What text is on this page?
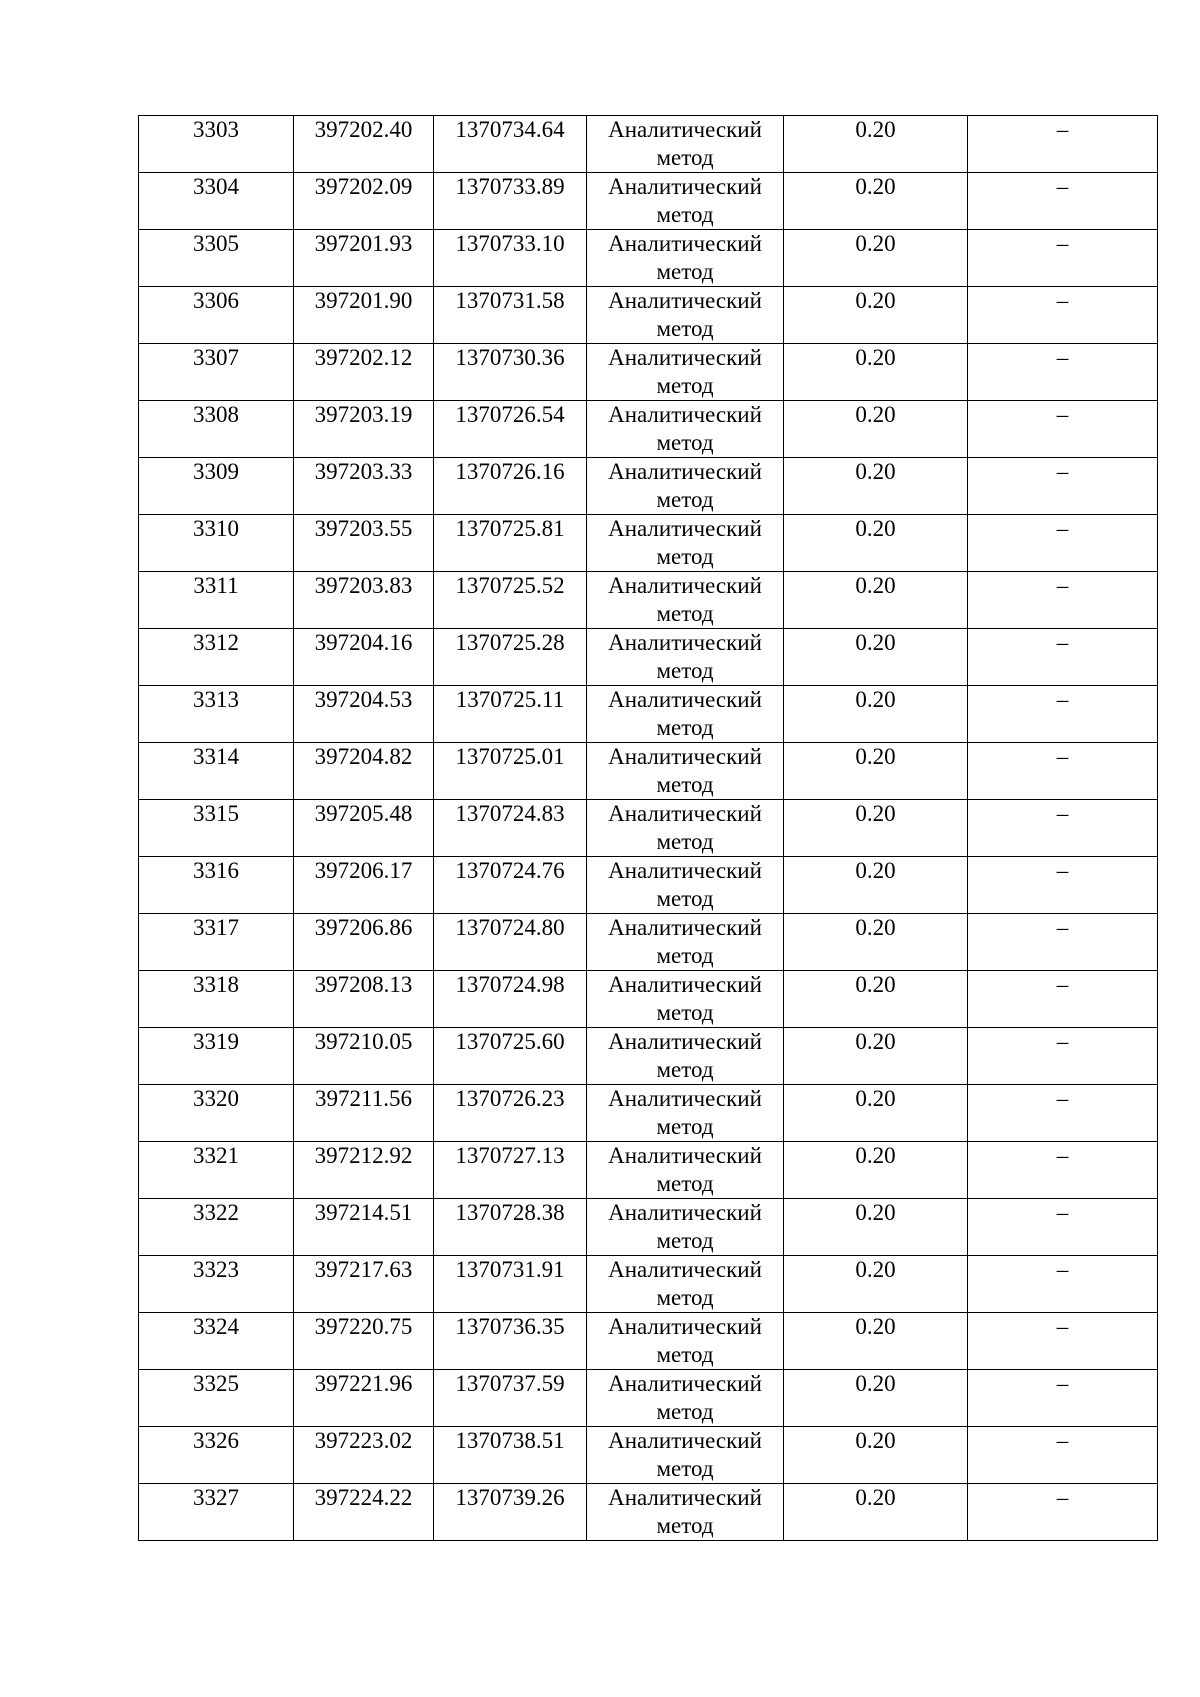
3303	397202.40	1370734.64	Аналитический метод	0.20	–

3304	397202.09	1370733.89	Аналитический метод	0.20	–

3305	397201.93	1370733.10	Аналитический метод	0.20	–

3306	397201.90	1370731.58	Аналитический метод	0.20	–

3307	397202.12	1370730.36	Аналитический метод	0.20	–

3308	397203.19	1370726.54	Аналитический метод	0.20	–

3309	397203.33	1370726.16	Аналитический метод	0.20	–

3310	397203.55	1370725.81	Аналитический метод	0.20	–

3311	397203.83	1370725.52	Аналитический метод	0.20	–

3312	397204.16	1370725.28	Аналитический метод	0.20	–

3313	397204.53	1370725.11	Аналитический метод	0.20	–

3314	397204.82	1370725.01	Аналитический метод	0.20	–

3315	397205.48	1370724.83	Аналитический метод	0.20	–

3316	397206.17	1370724.76	Аналитический метод	0.20	–

3317	397206.86	1370724.80	Аналитический метод	0.20	–

3318	397208.13	1370724.98	Аналитический метод	0.20	–

3319	397210.05	1370725.60	Аналитический метод	0.20	–

3320	397211.56	1370726.23	Аналитический метод	0.20	–

3321	397212.92	1370727.13	Аналитический метод	0.20	–

3322	397214.51	1370728.38	Аналитический метод	0.20	–

3323	397217.63	1370731.91	Аналитический метод	0.20	–

3324	397220.75	1370736.35	Аналитический метод	0.20	–

3325	397221.96	1370737.59	Аналитический метод	0.20	–

3326	397223.02	1370738.51	Аналитический метод	0.20	–

3327	397224.22	1370739.26	Аналитический метод	0.20	–
